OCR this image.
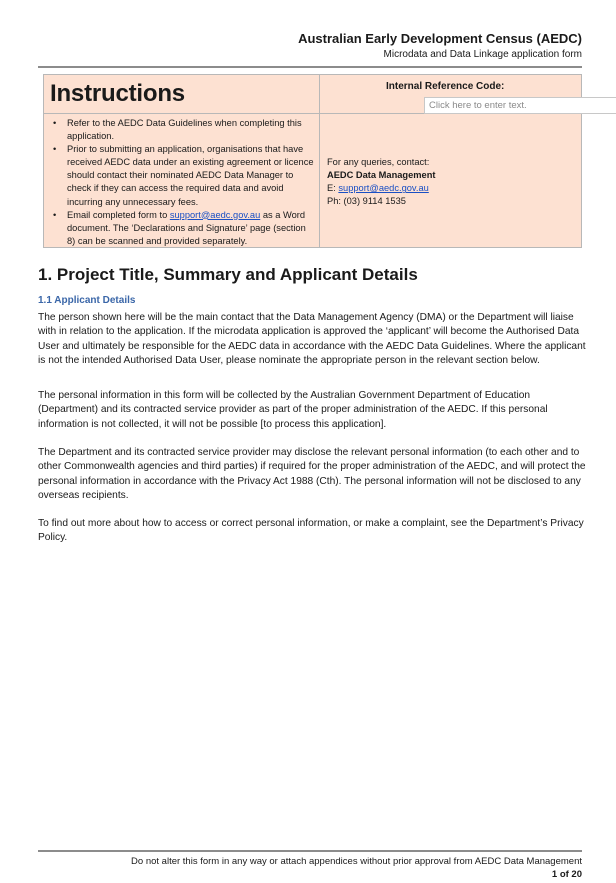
Australian Early Development Census (AEDC)
Microdata and Data Linkage application form
Instructions	Internal Reference Code:
Click here to enter text.
• Refer to the AEDC Data Guidelines when completing this application.
• Prior to submitting an application, organisations that have received AEDC data under an existing agreement or licence should contact their nominated AEDC Data Manager to check if they can access the required data and avoid incurring any unnecessary fees.
• Email completed form to support@aedc.gov.au as a Word document. The ‘Declarations and Signature’ page (section 8) can be scanned and provided separately.
For any queries, contact:
AEDC Data Management
E: support@aedc.gov.au
Ph: (03) 9114 1535
1. Project Title, Summary and Applicant Details
1.1 Applicant Details

The person shown here will be the main contact that the Data Management Agency (DMA) or the Department will liaise with in relation to the application. If the microdata application is approved the ‘applicant’ will become the Authorised Data User and ultimately be responsible for the AEDC data in accordance with the AEDC Data Guidelines. Where the applicant is not the intended Authorised Data User, please nominate the appropriate person in the relevant section below.

The personal information in this form will be collected by the Australian Government Department of Education (Department) and its contracted service provider as part of the proper administration of the AEDC. If this personal information is not collected, it will not be possible [to process this application].

The Department and its contracted service provider may disclose the relevant personal information (to each other and to other Commonwealth agencies and third parties) if required for the proper administration of the AEDC, and will protect the personal information in accordance with the Privacy Act 1988 (Cth). The personal information will not be disclosed to any overseas recipients.

To find out more about how to access or correct personal information, or make a complaint, see the Department’s Privacy Policy.

Do not alter this form in any way or attach appendices without prior approval from AEDC Data Management
1 of 20
